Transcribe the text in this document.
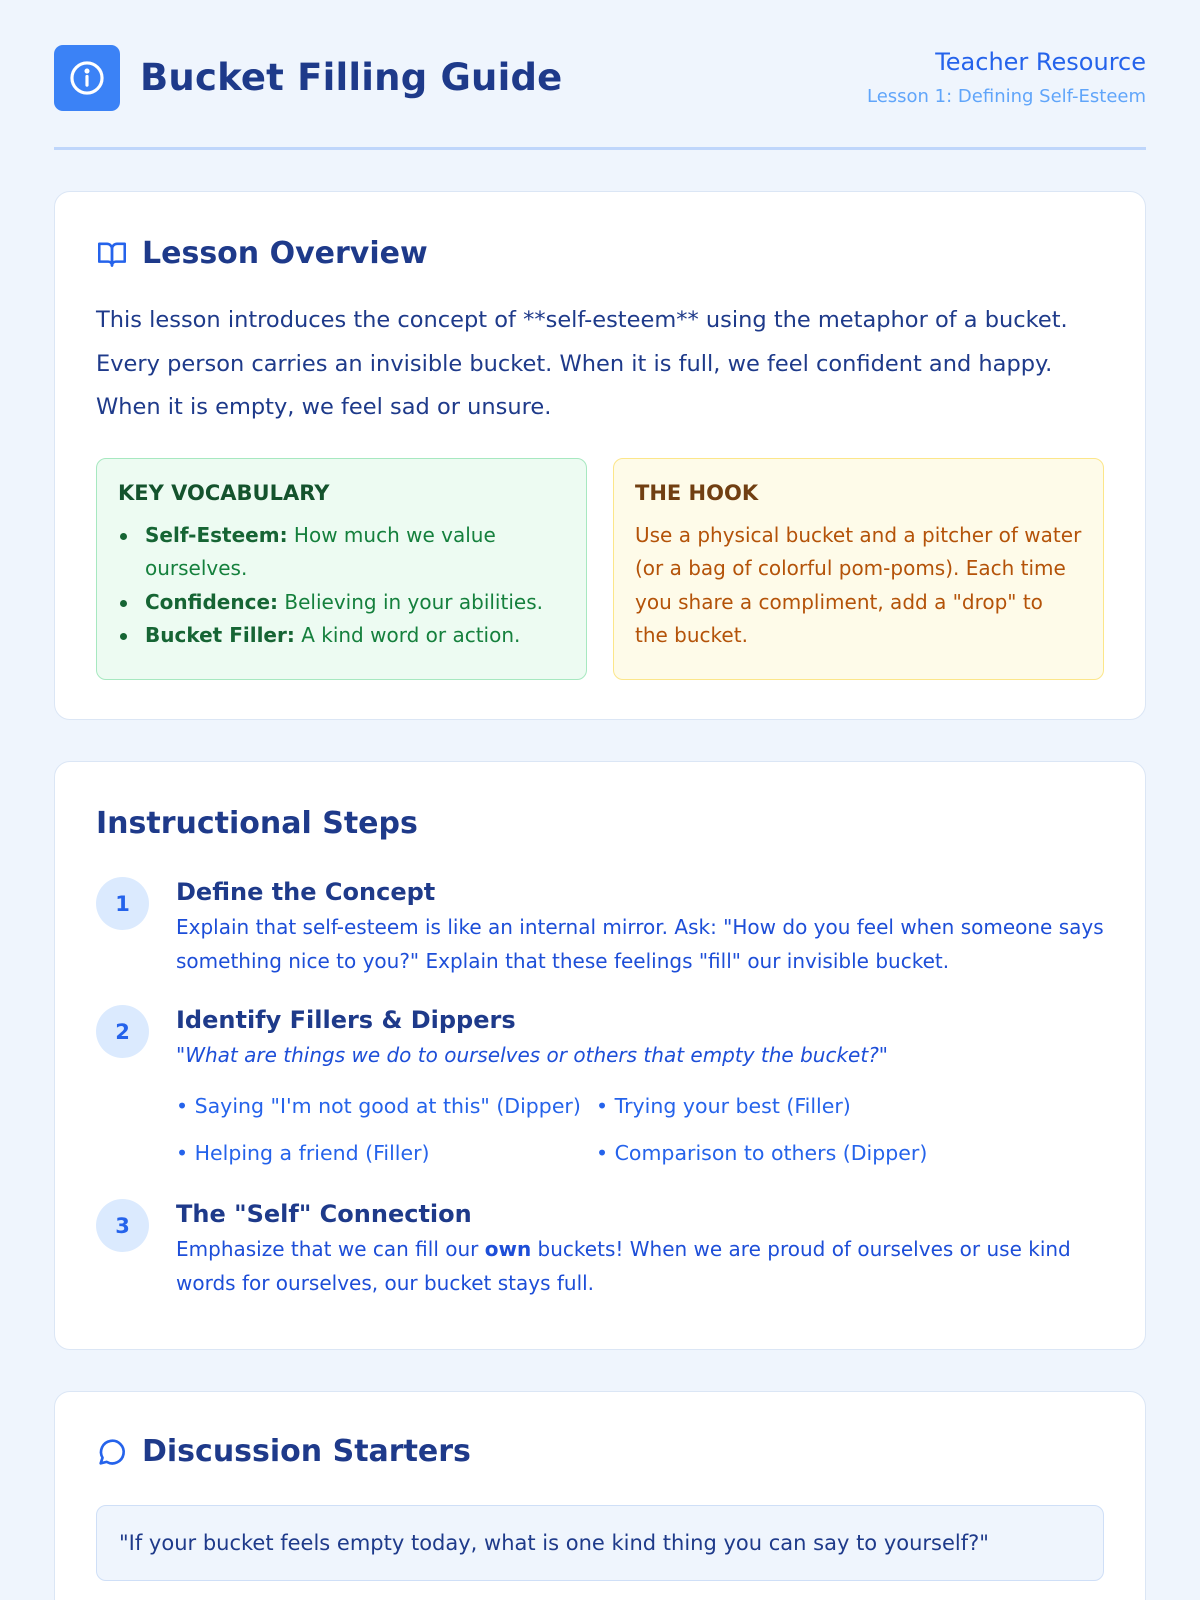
Bucket Filling Guide	Teacher Resource
Lesson 1: Defining Self-Esteem
Lesson Overview

This lesson introduces the concept of **self-esteem** using the metaphor of a bucket. Every person carries an invisible bucket. When it is full, we feel confident and happy. When it is empty, we feel sad or unsure.

KEY VOCABULARY
Self-Esteem: How much we value ourselves.
Confidence: Believing in your abilities.
Bucket Filler: A kind word or action.
THE HOOK

Use a physical bucket and a pitcher of water (or a bag of colorful pom-poms). Each time you share a compliment, add a "drop" to the bucket.

Instructional Steps
1	Define the Concept

Explain that self-esteem is like an internal mirror. Ask: "How do you feel when someone says something nice to you?" Explain that these feelings "fill" our invisible bucket.

2	Identify Fillers & Dippers

"What are things we do to ourselves or others that empty the bucket?"

• Saying "I'm not good at this" (Dipper)	• Trying your best (Filler)
• Helping a friend (Filler)	• Comparison to others (Dipper)
3	The "Self" Connection

Emphasize that we can fill our own buckets! When we are proud of ourselves or use kind words for ourselves, our bucket stays full.

Discussion Starters
"If your bucket feels empty today, what is one kind thing you can say to yourself?"
